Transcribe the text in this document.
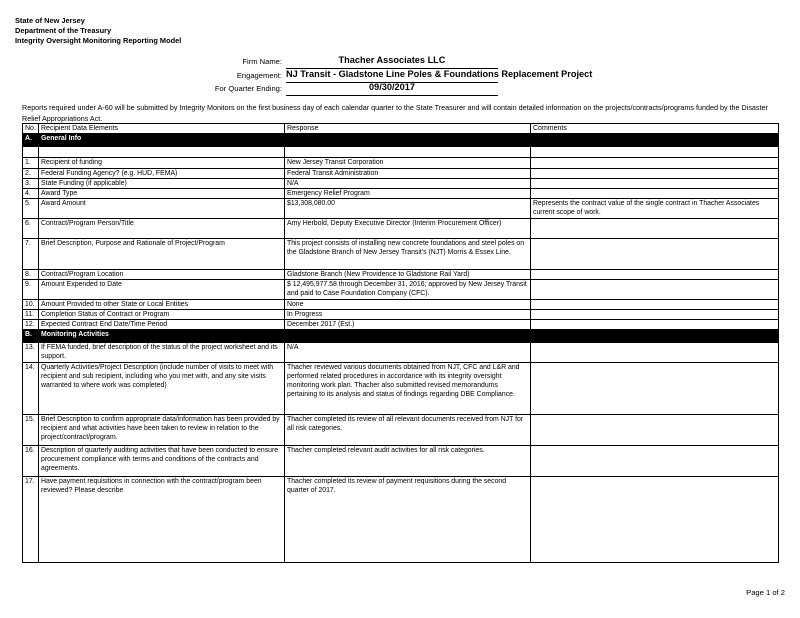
State of New Jersey
Department of the Treasury
Integrity Oversight Monitoring Reporting Model
Firm Name:	Thacher Associates LLC
Engagement: NJ Transit - Gladstone Line Poles & Foundations Replacement Project
For Quarter Ending:	09/30/2017
Reports required under A-60 will be submitted by Integrity Monitors on the first business day of each calendar quarter to the State Treasurer and will contain detailed information on the projects/contracts/programs funded by the Disaster Relief Appropriations Act.
No.	Recipient Data Elements	Response	Comments
A.	General Info		

1.	Recipient of funding	New Jersey Transit Corporation	
2.	Federal Funding Agency? (e.g. HUD, FEMA)	Federal Transit Administration	
3.	State Funding (if applicable)	N/A	
4.	Award Type	Emergency Relief Program	
5.	Award Amount	$13,308,080.00	Represents the contract value of the single contract in Thacher Associates current scope of work.
6.	Contract/Program Person/Title	Amy Herbold, Deputy Executive Director (Interim Procurement Officer)	
7.	Brief Description, Purpose and Rationale of Project/Program	This project consists of installing new concrete foundations and steel poles on the Gladstone Branch of New Jersey Transit's (NJT) Morris & Essex Line.	
8.	Contract/Program Location	Gladstone Branch (New Providence to Gladstone Rail Yard)	
9.	Amount Expended to Date	$ 12,495,977.58 through December 31, 2016; approved by New Jersey Transit and paid to Case Foundation Company (CFC).	
10.	Amount Provided to other State or Local Entities	None	
11.	Completion Status of Contract or Program	In Progress	
12.	Expected Contract End Date/Time Period	December 2017 (Est.)	
B.	Monitoring Activities		
13.	If FEMA funded, brief description of the status of the project worksheet and its support.	N/A	
14.	Quarterly Activities/Project Description (include number of visits to meet with recipient and sub recipient, including who you met with, and any site visits warranted to where work was completed)	Thacher reviewed various documents obtained from NJT, CFC and L&R and performed related procedures in accordance with its integrity oversight monitoring work plan. Thacher also submitted revised memorandums pertaining to its analysis and status of findings regarding DBE Compliance.	
15.	Brief Description to confirm appropriate data/information has been provided by recipient and what activities have been taken to review in relation to the project/contract/program.	Thacher completed its review of all relevant documents received from NJT for all risk categories.	
16.	Description of quarterly auditing activities that have been conducted to ensure procurement compliance with terms and conditions of the contracts and agreements.	Thacher completed relevant audit activities for all risk categories.	
17.	Have payment requisitions in connection with the contract/program been reviewed? Please describe	Thacher completed its review of payment requisitions during the second quarter of 2017.	
Page 1 of 2
